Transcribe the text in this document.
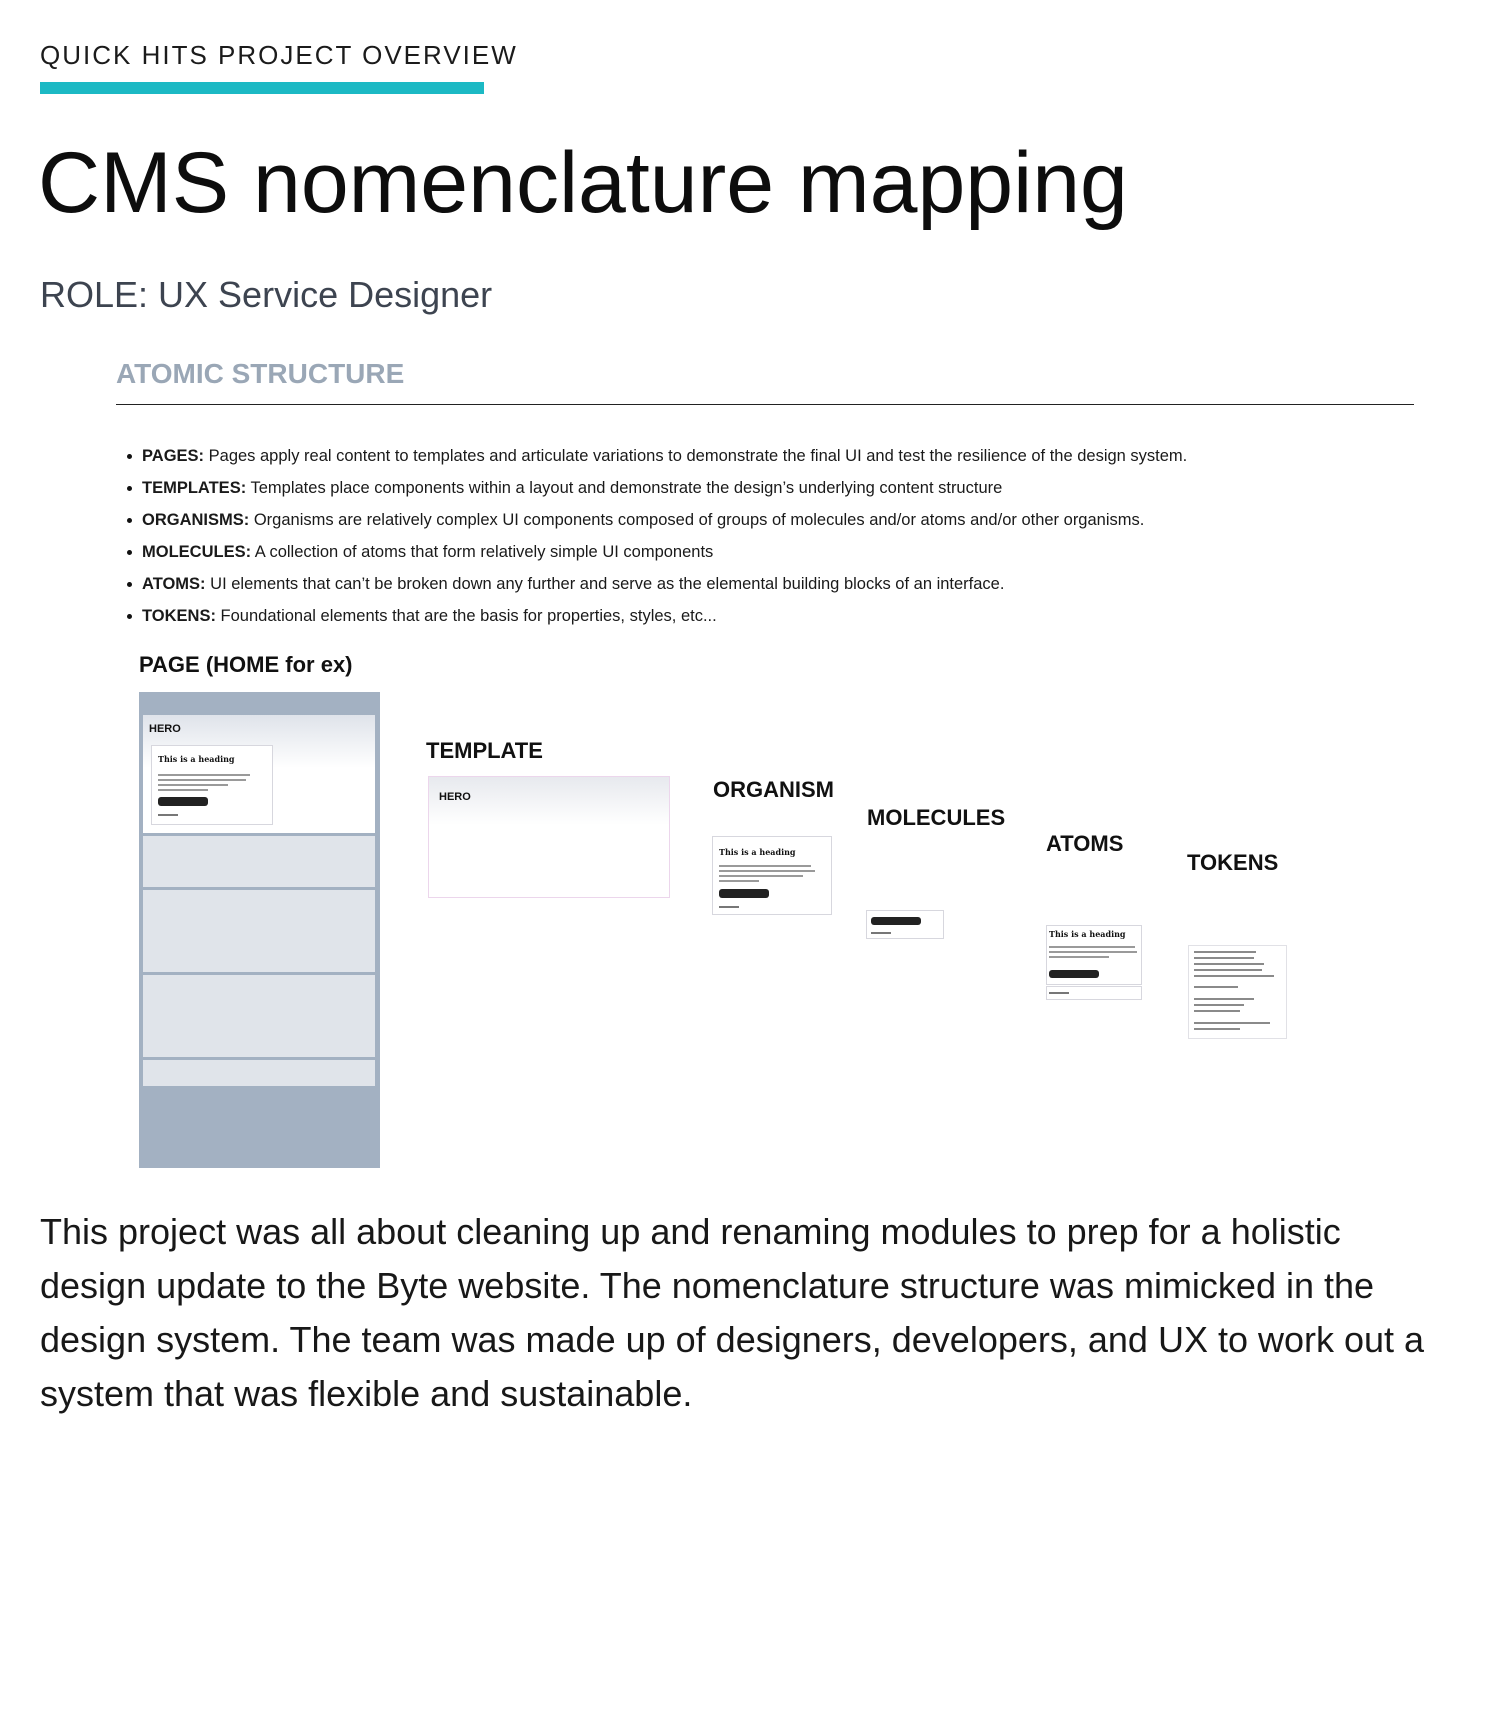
QUICK HITS PROJECT OVERVIEW
CMS nomenclature mapping
ROLE: UX Service Designer
ATOMIC STRUCTURE
PAGES: Pages apply real content to templates and articulate variations to demonstrate the final UI and test the resilience of the design system.
TEMPLATES: Templates place components within a layout and demonstrate the design’s underlying content structure
ORGANISMS: Organisms are relatively complex UI components composed of groups of molecules and/or atoms and/or other organisms.
MOLECULES: A collection of atoms that form relatively simple UI components
ATOMS: UI elements that can’t be broken down any further and serve as the elemental building blocks of an interface.
TOKENS: Foundational elements that are the basis for properties, styles, etc...
PAGE (HOME for ex)
TEMPLATE
ORGANISM
MOLECULES
ATOMS
TOKENS
HERO
This is a heading
HERO
This is a heading
This is a heading

This project was all about cleaning up and renaming modules to prep for a holistic design update to the Byte website. The nomenclature structure was mimicked in the design system. The team was made up of designers, developers, and UX to work out a system that was flexible and sustainable.
